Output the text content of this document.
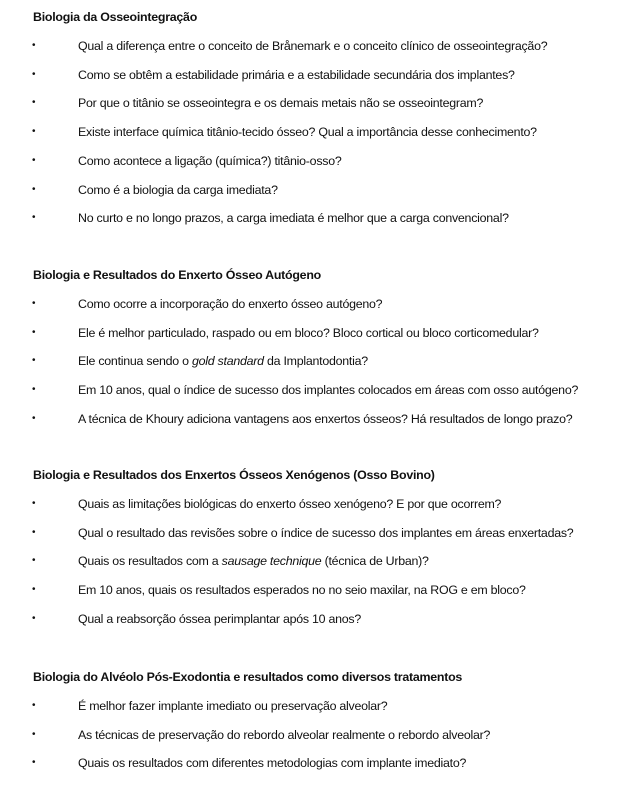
Biologia da Osseointegração
•	Qual a diferença entre o conceito de Brånemark e o conceito clínico de osseointegração?
•	Como se obtêm a estabilidade primária e a estabilidade secundária dos implantes?
•	Por que o titânio se osseointegra e os demais metais não se osseointegram?
•	Existe interface química titânio-tecido ósseo? Qual a importância desse conhecimento?
•	Como acontece a ligação (química?) titânio-osso?
•	Como é a biologia da carga imediata?
•	No curto e no longo prazos, a carga imediata é melhor que a carga convencional?
Biologia e Resultados do Enxerto Ósseo Autógeno
•	Como ocorre a incorporação do enxerto ósseo autógeno?
•	Ele é melhor particulado, raspado ou em bloco? Bloco cortical ou bloco corticomedular?
•	Ele continua sendo o gold standard da Implantodontia?
•	Em 10 anos, qual o índice de sucesso dos implantes colocados em áreas com osso autógeno?
•	A técnica de Khoury adiciona vantagens aos enxertos ósseos? Há resultados de longo prazo?
Biologia e Resultados dos Enxertos Ósseos Xenógenos (Osso Bovino)
•	Quais as limitações biológicas do enxerto ósseo xenógeno? E por que ocorrem?
•	Qual o resultado das revisões sobre o índice de sucesso dos implantes em áreas enxertadas?
•	Quais os resultados com a sausage technique (técnica de Urban)?
•	Em 10 anos, quais os resultados esperados no no seio maxilar, na ROG e em bloco?
•	Qual a reabsorção óssea perimplantar após 10 anos?
Biologia do Alvéolo Pós-Exodontia e resultados como diversos tratamentos
•	É melhor fazer implante imediato ou preservação alveolar?
•	As técnicas de preservação do rebordo alveolar realmente o rebordo alveolar?
•	Quais os resultados com diferentes metodologias com implante imediato?
